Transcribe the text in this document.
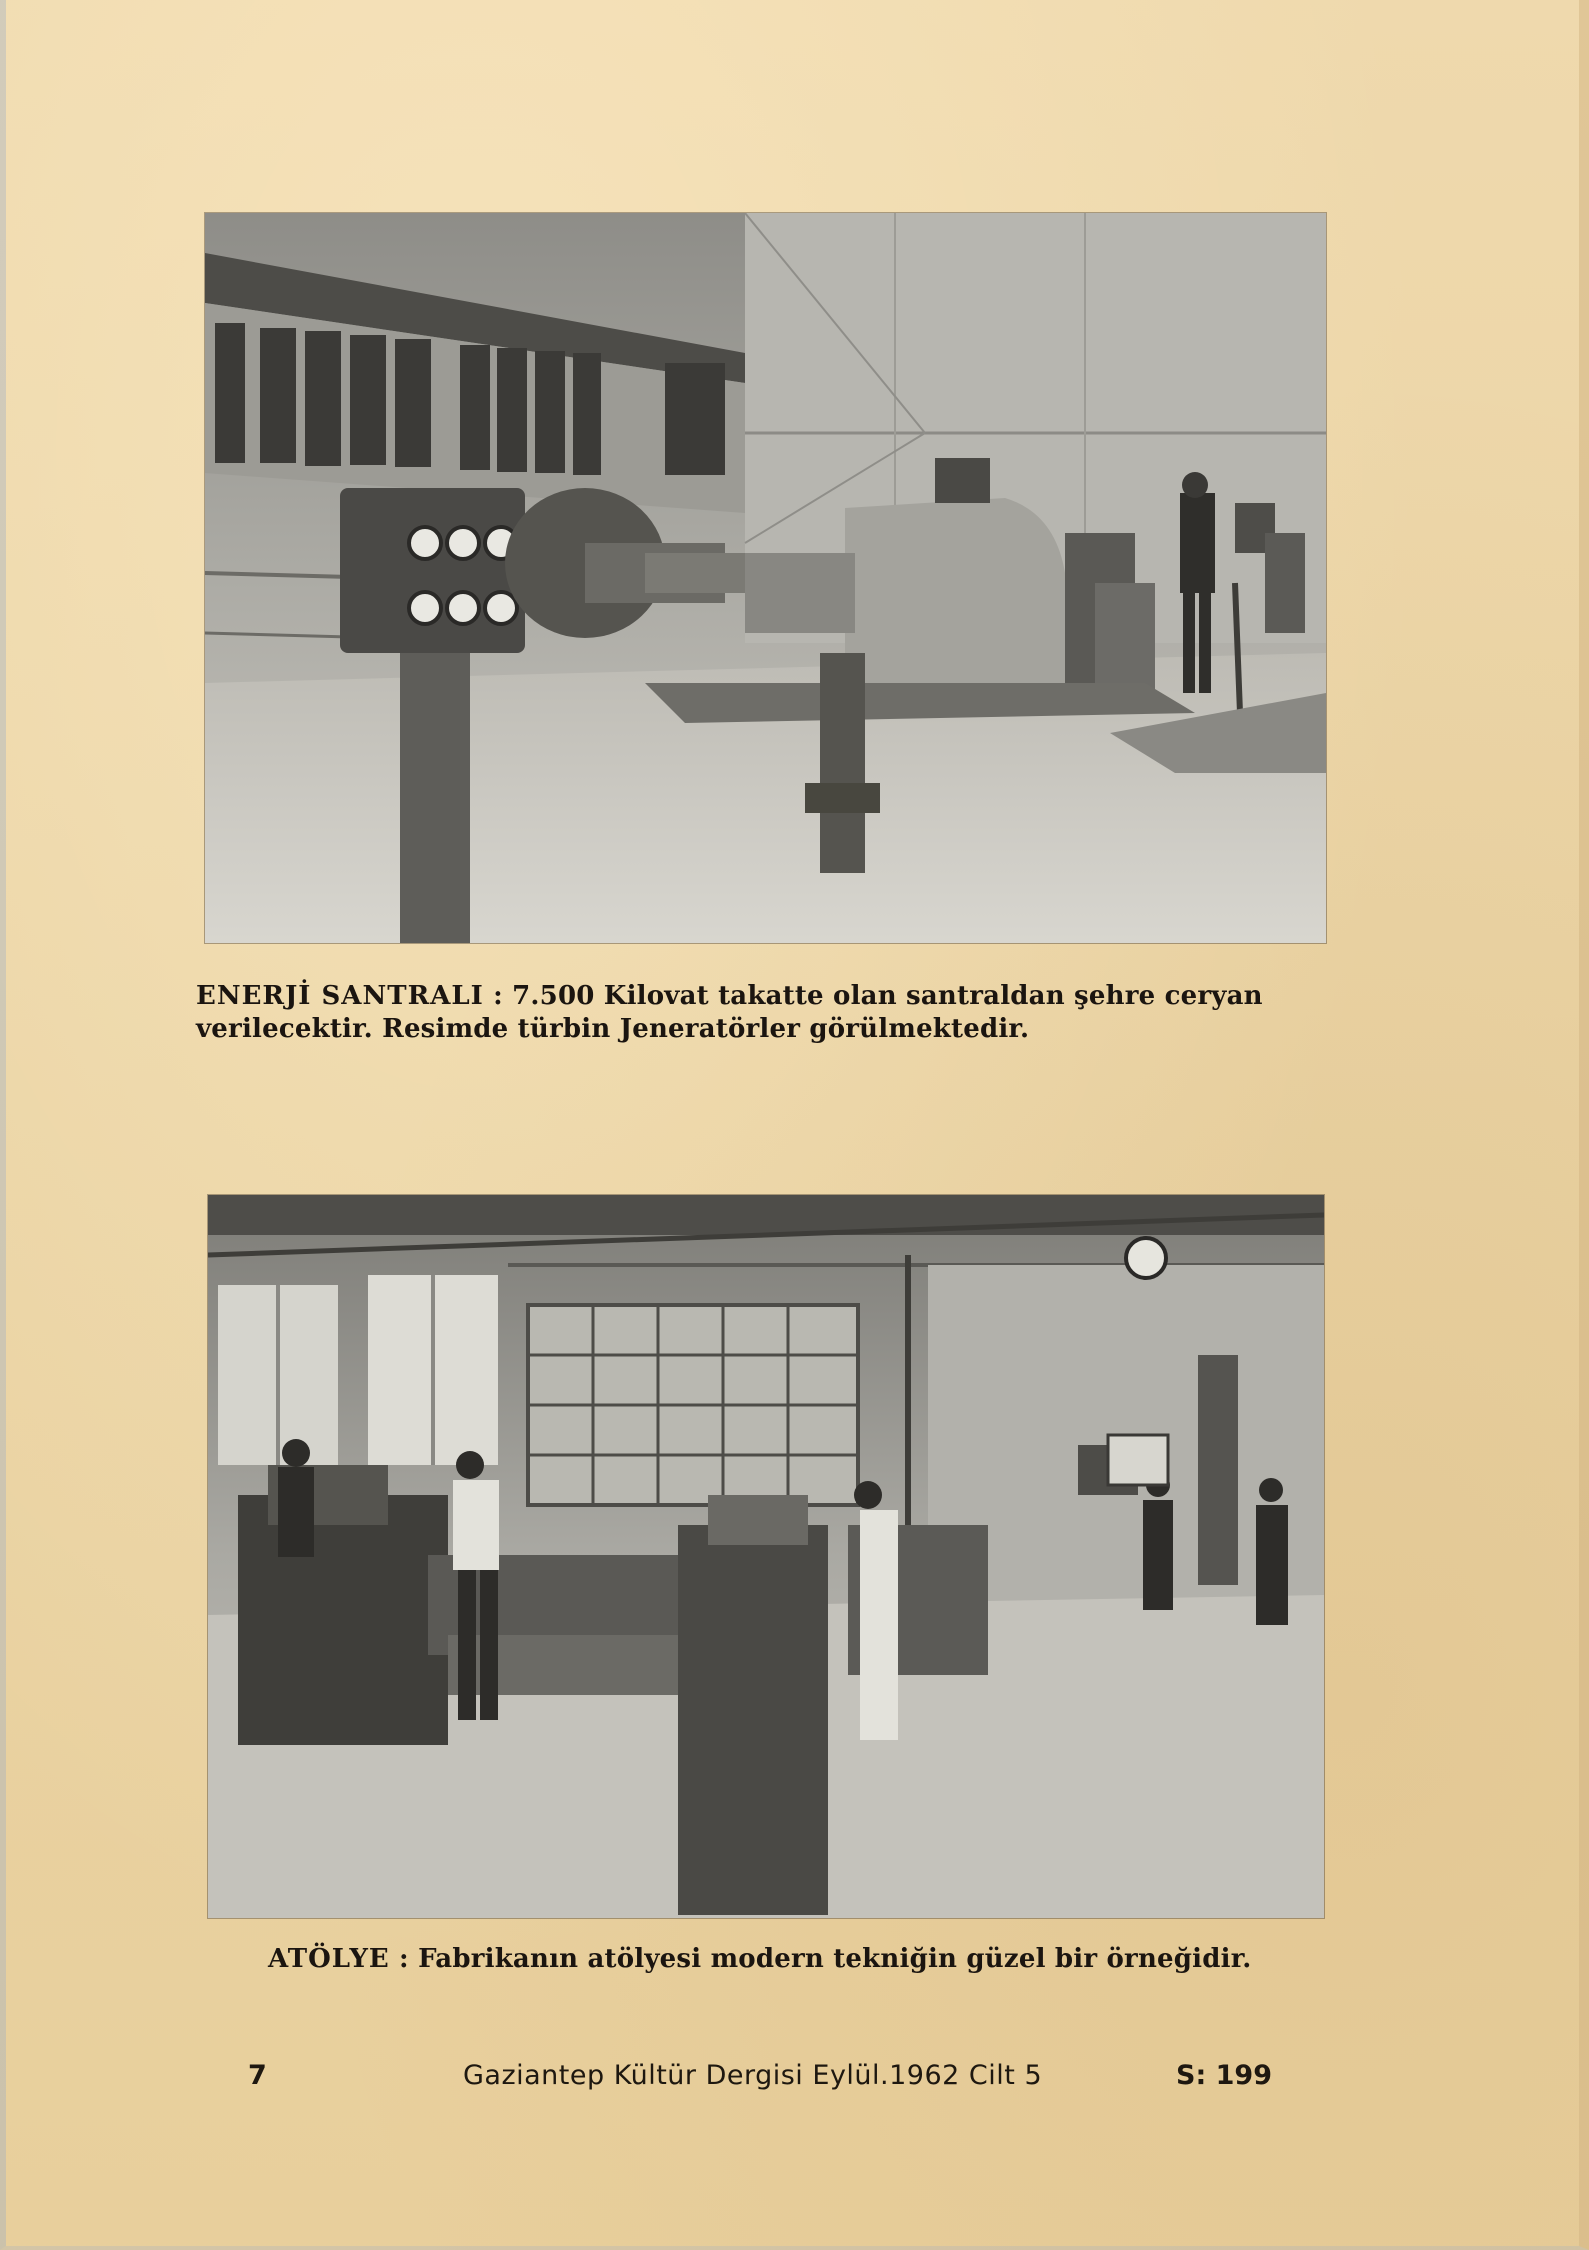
ENERJİ SANTRALI : 7.500 Kilovat takatte olan santraldan şehre ceryan verilecektir. Resimde türbin Jeneratörler görülmektedir.
ATÖLYE : Fabrikanın atölyesi modern tekniğin güzel bir örneğidir.
7	Gaziantep Kültür Dergisi Eylül.1962 Cilt 5	S: 199
